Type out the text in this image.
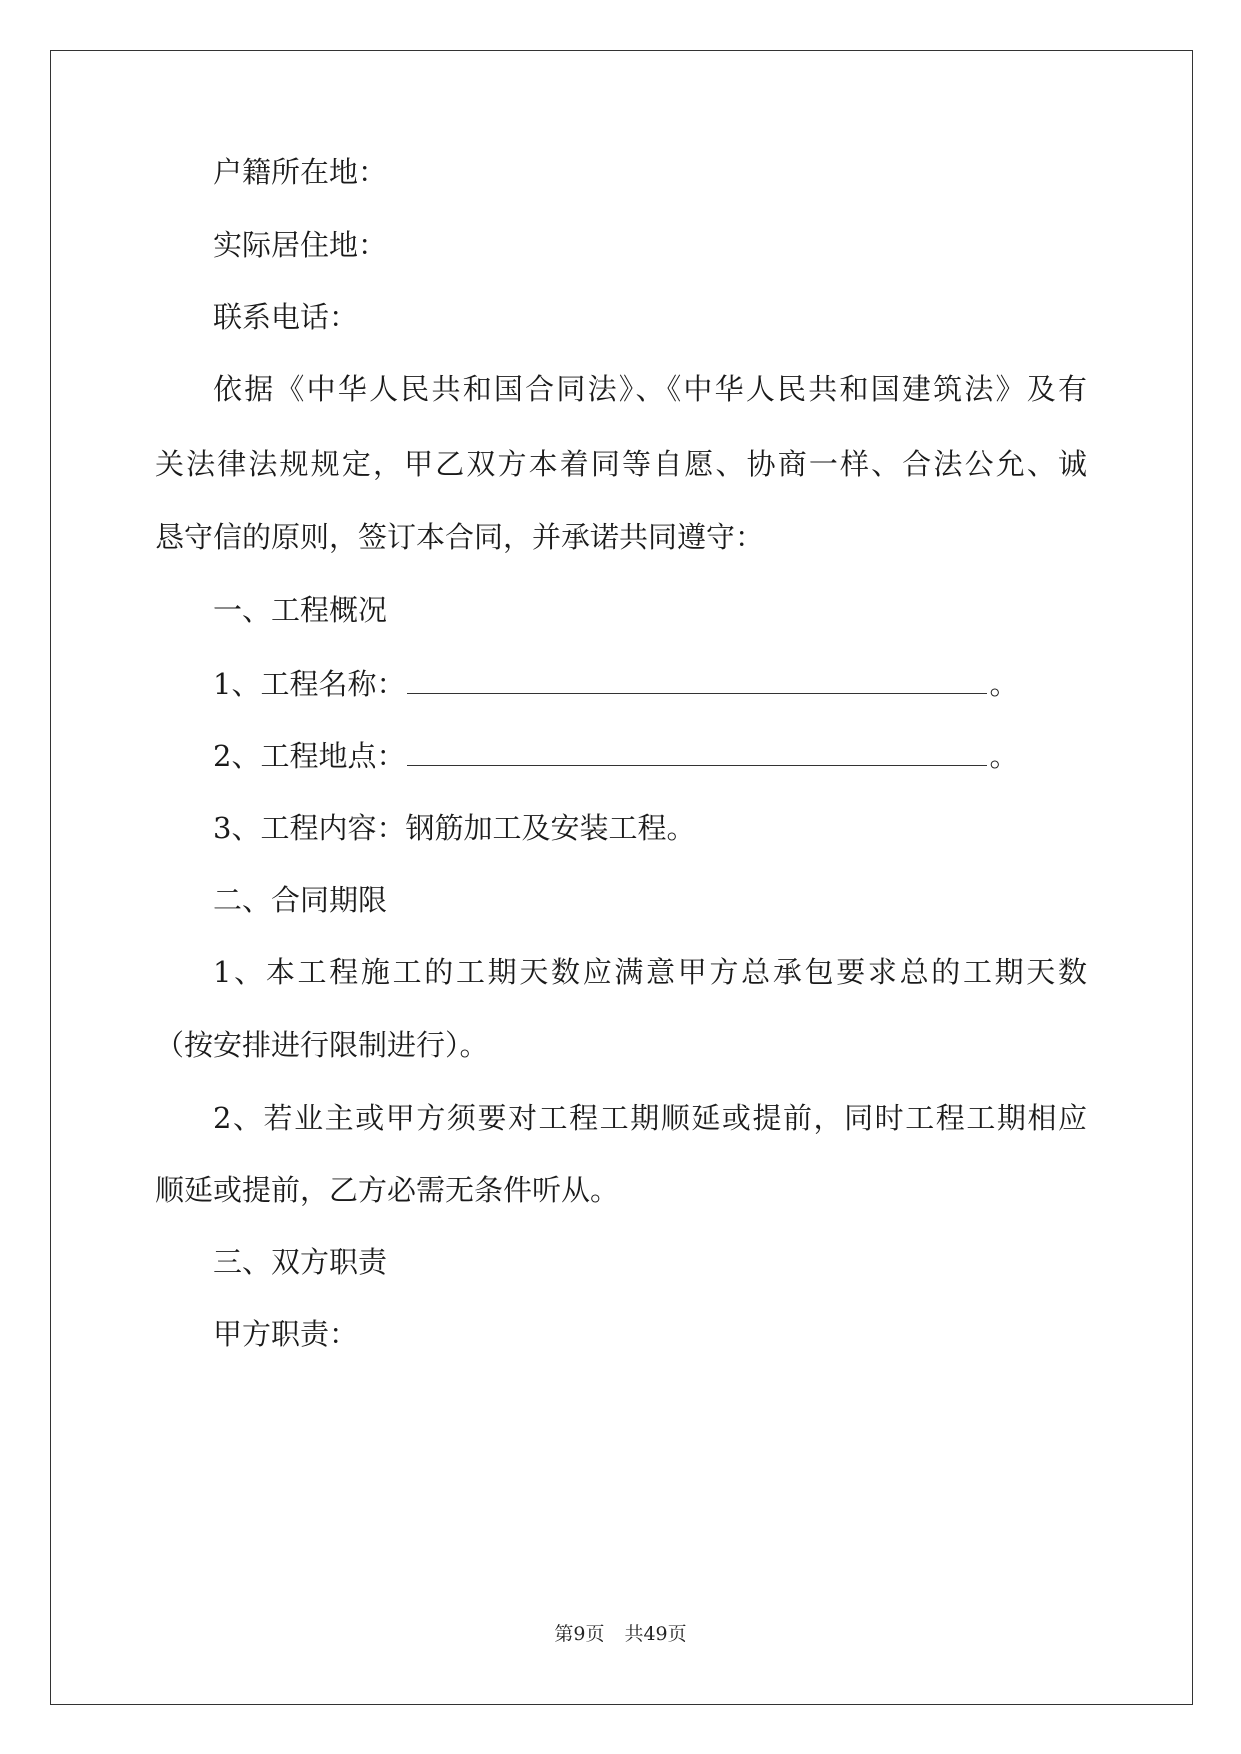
户籍所在地：
实际居住地：
联系电话：
依据《中华人民共和国合同法》、《中华人民共和国建筑法》及有
关法律法规规定，甲乙双方本着同等自愿、协商一样、合法公允、诚
恳守信的原则，签订本合同，并承诺共同遵守：
一、工程概况
1、工程名称：	。
2、工程地点：	。
3、工程内容：钢筋加工及安装工程。
二、合同期限
1、本工程施工的工期天数应满意甲方总承包要求总的工期天数
（按安排进行限制进行）。
2、若业主或甲方须要对工程工期顺延或提前，同时工程工期相应
顺延或提前，乙方必需无条件听从。
三、双方职责
甲方职责：
第9页 共49页
